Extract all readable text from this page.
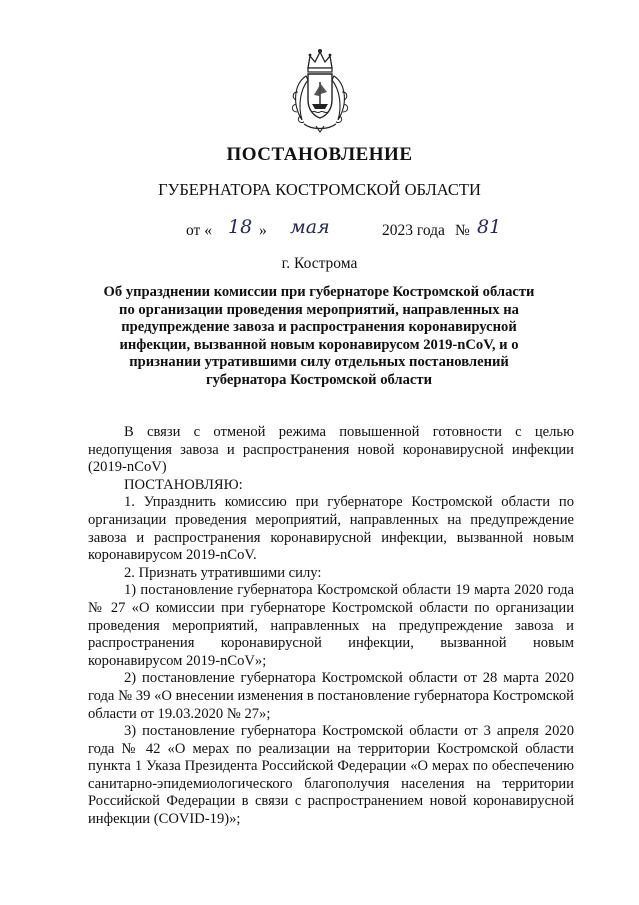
ПОСТАНОВЛЕНИЕ
ГУБЕРНАТОРА КОСТРОМСКОЙ ОБЛАСТИ
от « 18 » мая	2023 года № 81
г. Кострома
Об упразднении комиссии при губернаторе Костромской области по организации проведения мероприятий, направленных на предупреждение завоза и распространения коронавирусной инфекции, вызванной новым коронавирусом 2019-nCoV, и о признании утратившими силу отдельных постановлений губернатора Костромской области

В связи с отменой режима повышенной готовности с целью недопущения завоза и распространения новой коронавирусной инфекции (2019-nCoV)

ПОСТАНОВЛЯЮ:

1. Упразднить комиссию при губернаторе Костромской области по организации проведения мероприятий, направленных на предупреждение завоза и распространения коронавирусной инфекции, вызванной новым коронавирусом 2019-nCoV.

2. Признать утратившими силу:

1) постановление губернатора Костромской области 19 марта 2020 года № 27 «О комиссии при губернаторе Костромской области по организации проведения мероприятий, направленных на предупреждение завоза и распространения коронавирусной инфекции, вызванной новым коронавирусом 2019-nCoV»;

2) постановление губернатора Костромской области от 28 марта 2020 года № 39 «О внесении изменения в постановление губернатора Костромской области от 19.03.2020 № 27»;

3) постановление губернатора Костромской области от 3 апреля 2020 года № 42 «О мерах по реализации на территории Костромской области пункта 1 Указа Президента Российской Федерации «О мерах по обеспечению санитарно-эпидемиологического благополучия населения на территории Российской Федерации в связи с распространением новой коронавирусной инфекции (COVID-19)»;
